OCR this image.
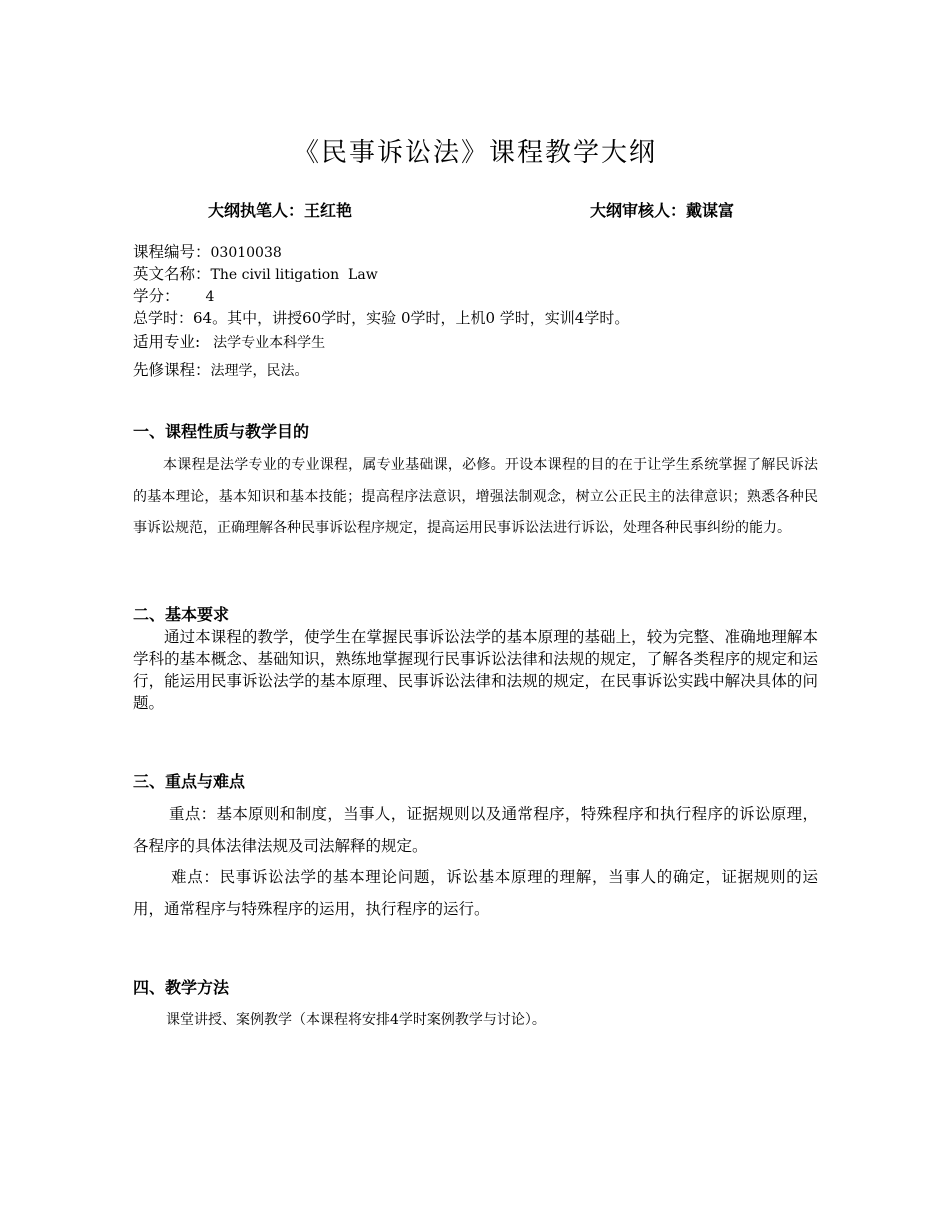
《民事诉讼法》课程教学大纲
大纲执笔人：王红艳	大纲审核人：戴谋富
课程编号：03010038
英文名称：The civil litigation  Law
学分： 4
总学时：64。其中，讲授60学时，实验 0学时，上机0 学时，实训4学时。
适用专业: 法学专业本科学生
先修课程：法理学，民法。
一、课程性质与教学目的
本课程是法学专业的专业课程，属专业基础课，必修。开设本课程的目的在于让学生系统掌握了解民诉法的基本理论，基本知识和基本技能；提高程序法意识，增强法制观念，树立公正民主的法律意识；熟悉各种民事诉讼规范，正确理解各种民事诉讼程序规定，提高运用民事诉讼法进行诉讼，处理各种民事纠纷的能力。
二、基本要求
通过本课程的教学，使学生在掌握民事诉讼法学的基本原理的基础上，较为完整、准确地理解本学科的基本概念、基础知识，熟练地掌握现行民事诉讼法律和法规的规定，了解各类程序的规定和运行，能运用民事诉讼法学的基本原理、民事诉讼法律和法规的规定，在民事诉讼实践中解决具体的问题。
三、重点与难点
重点：基本原则和制度，当事人，证据规则以及通常程序，特殊程序和执行程序的诉讼原理，各程序的具体法律法规及司法解释的规定。
难点：民事诉讼法学的基本理论问题，诉讼基本原理的理解，当事人的确定，证据规则的运用，通常程序与特殊程序的运用，执行程序的运行。
四、教学方法
课堂讲授、案例教学（本课程将安排4学时案例教学与讨论）。
